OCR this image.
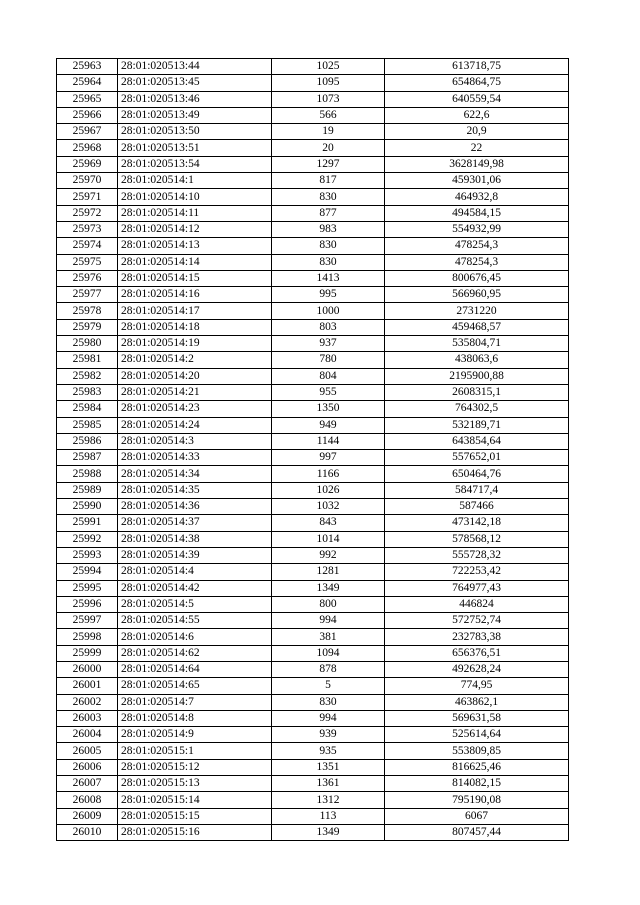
25963	28:01:020513:44	1025	613718,75
25964	28:01:020513:45	1095	654864,75
25965	28:01:020513:46	1073	640559,54
25966	28:01:020513:49	566	622,6
25967	28:01:020513:50	19	20,9
25968	28:01:020513:51	20	22
25969	28:01:020513:54	1297	3628149,98
25970	28:01:020514:1	817	459301,06
25971	28:01:020514:10	830	464932,8
25972	28:01:020514:11	877	494584,15
25973	28:01:020514:12	983	554932,99
25974	28:01:020514:13	830	478254,3
25975	28:01:020514:14	830	478254,3
25976	28:01:020514:15	1413	800676,45
25977	28:01:020514:16	995	566960,95
25978	28:01:020514:17	1000	2731220
25979	28:01:020514:18	803	459468,57
25980	28:01:020514:19	937	535804,71
25981	28:01:020514:2	780	438063,6
25982	28:01:020514:20	804	2195900,88
25983	28:01:020514:21	955	2608315,1
25984	28:01:020514:23	1350	764302,5
25985	28:01:020514:24	949	532189,71
25986	28:01:020514:3	1144	643854,64
25987	28:01:020514:33	997	557652,01
25988	28:01:020514:34	1166	650464,76
25989	28:01:020514:35	1026	584717,4
25990	28:01:020514:36	1032	587466
25991	28:01:020514:37	843	473142,18
25992	28:01:020514:38	1014	578568,12
25993	28:01:020514:39	992	555728,32
25994	28:01:020514:4	1281	722253,42
25995	28:01:020514:42	1349	764977,43
25996	28:01:020514:5	800	446824
25997	28:01:020514:55	994	572752,74
25998	28:01:020514:6	381	232783,38
25999	28:01:020514:62	1094	656376,51
26000	28:01:020514:64	878	492628,24
26001	28:01:020514:65	5	774,95
26002	28:01:020514:7	830	463862,1
26003	28:01:020514:8	994	569631,58
26004	28:01:020514:9	939	525614,64
26005	28:01:020515:1	935	553809,85
26006	28:01:020515:12	1351	816625,46
26007	28:01:020515:13	1361	814082,15
26008	28:01:020515:14	1312	795190,08
26009	28:01:020515:15	113	6067
26010	28:01:020515:16	1349	807457,44
